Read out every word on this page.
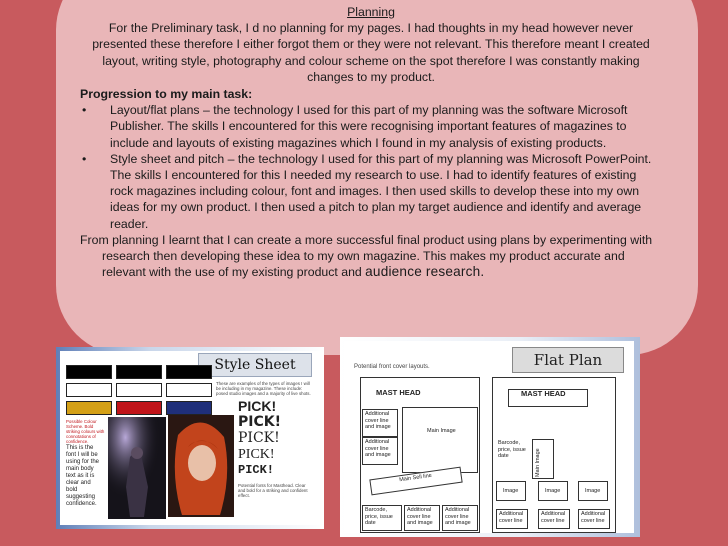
Planning
For the Preliminary task, I d no planning for my pages. I had thoughts in my head however never presented these therefore I either forgot them or they were not relevant. This therefore meant I created layout, writing style, photography and colour scheme on the spot therefore I was constantly making changes to my product.
Progression to my main task:
• Layout/flat plans – the technology I used for this part of my planning was the software Microsoft Publisher. The skills I encountered for this were recognising important features of magazines to include and layouts of existing magazines which I found in my analysis of existing products.
• Style sheet and pitch – the technology I used for this part of my planning was Microsoft PowerPoint. The skills I encountered for this I needed my research to use. I had to identify features of existing rock magazines including colour, font and images. I then used skills to develop these into my own ideas for my own product. I then used a pitch to plan my target audience and identify and average reader.
From planning I learnt that I can create a more successful final product using plans by experimenting with research then developing these idea to my own magazine. This makes my product accurate and relevant with the use of my existing product and audience research.
Style Sheet
Possible Colour Scheme. Bold striking colours with connotations of confidence.
These are examples of the types of images I will be including in my magazine. These include: posed studio images and a majority of live shots.
This is the font I will be using for the main body text as it is clear and bold suggesting confidence.
PICK!
PICK!
PICK!
PICK!
PICK!
Potential fonts for Masthead. Clear and bold for a striking and confident effect.
Flat Plan
Potential front cover layouts.
MAST HEAD
Additional cover line and image
Additional cover line and image
Main Image
Main Sell line
Barcode, price, issue date
Additional cover line and image
Additional cover line and image
MAST HEAD
Barcode, price, issue date	Main Image
Image	Image	Image
Additional cover line
Additional cover line
Additional cover line
